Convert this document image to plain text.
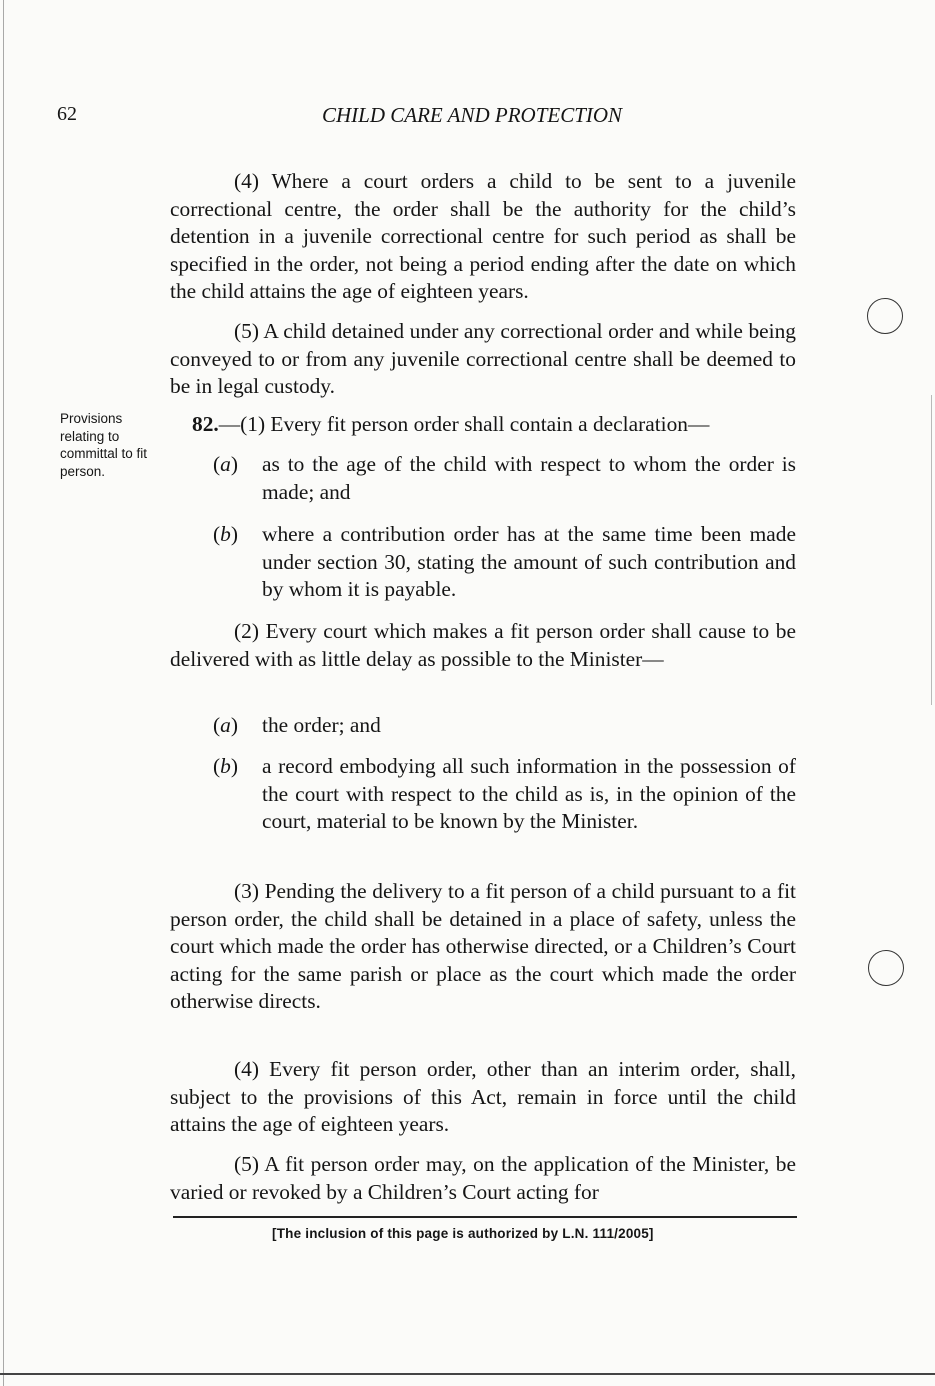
62	CHILD CARE AND PROTECTION
(4) Where a court orders a child to be sent to a juvenile correctional centre, the order shall be the authority for the child’s detention in a juvenile correctional centre for such period as shall be specified in the order, not being a period ending after the date on which the child attains the age of eighteen years.
(5) A child detained under any correctional order and while being conveyed to or from any juvenile correctional centre shall be deemed to be in legal custody.
Provisions relating to committal to fit person.
82.—(1) Every fit person order shall contain a declaration—
(a) as to the age of the child with respect to whom the order is made; and
(b) where a contribution order has at the same time been made under section 30, stating the amount of such contribution and by whom it is payable.
(2) Every court which makes a fit person order shall cause to be delivered with as little delay as possible to the Minister—
(a) the order; and
(b) a record embodying all such information in the possession of the court with respect to the child as is, in the opinion of the court, material to be known by the Minister.
(3) Pending the delivery to a fit person of a child pursuant to a fit person order, the child shall be detained in a place of safety, unless the court which made the order has otherwise directed, or a Children’s Court acting for the same parish or place as the court which made the order otherwise directs.
(4) Every fit person order, other than an interim order, shall, subject to the provisions of this Act, remain in force until the child attains the age of eighteen years.
(5) A fit person order may, on the application of the Minister, be varied or revoked by a Children’s Court acting for
[The inclusion of this page is authorized by L.N. 111/2005]
